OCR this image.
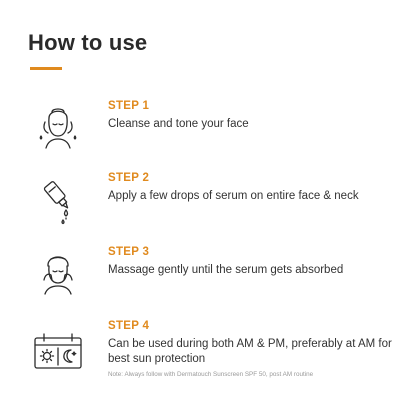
How to use

STEP 1

Cleanse and tone your face

STEP 2

Apply a few drops of serum on entire face & neck

STEP 3

Massage gently until the serum gets absorbed

STEP 4

Can be used during both AM & PM, preferably at AM for best sun protection

Note: Always follow with Dermatouch Sunscreen SPF 50, post AM routine
